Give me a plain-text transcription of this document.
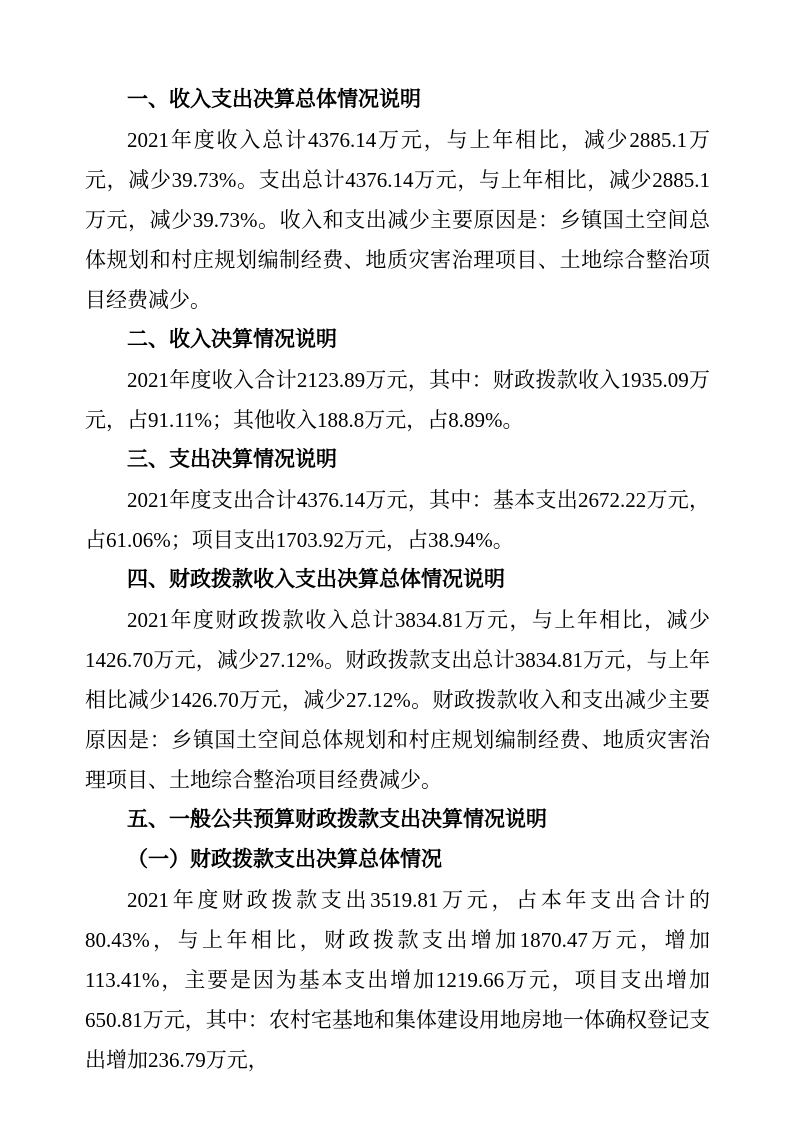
一、收入支出决算总体情况说明

2021年度收入总计4376.14万元，与上年相比，减少2885.1万元，减少39.73%。支出总计4376.14万元，与上年相比，减少2885.1万元，减少39.73%。收入和支出减少主要原因是：乡镇国土空间总体规划和村庄规划编制经费、地质灾害治理项目、土地综合整治项目经费减少。

二、收入决算情况说明

2021年度收入合计2123.89万元，其中：财政拨款收入1935.09万元，占91.11%；其他收入188.8万元，占8.89%。

三、支出决算情况说明

2021年度支出合计4376.14万元，其中：基本支出2672.22万元，占61.06%；项目支出1703.92万元，占38.94%。

四、财政拨款收入支出决算总体情况说明

2021年度财政拨款收入总计3834.81万元，与上年相比，减少1426.70万元，减少27.12%。财政拨款支出总计3834.81万元，与上年相比减少1426.70万元，减少27.12%。财政拨款收入和支出减少主要原因是：乡镇国土空间总体规划和村庄规划编制经费、地质灾害治理项目、土地综合整治项目经费减少。

五、一般公共预算财政拨款支出决算情况说明
（一）财政拨款支出决算总体情况

2021年度财政拨款支出3519.81万元，占本年支出合计的80.43%，与上年相比，财政拨款支出增加1870.47万元，增加113.41%，主要是因为基本支出增加1219.66万元，项目支出增加650.81万元，其中：农村宅基地和集体建设用地房地一体确权登记支出增加236.79万元，
